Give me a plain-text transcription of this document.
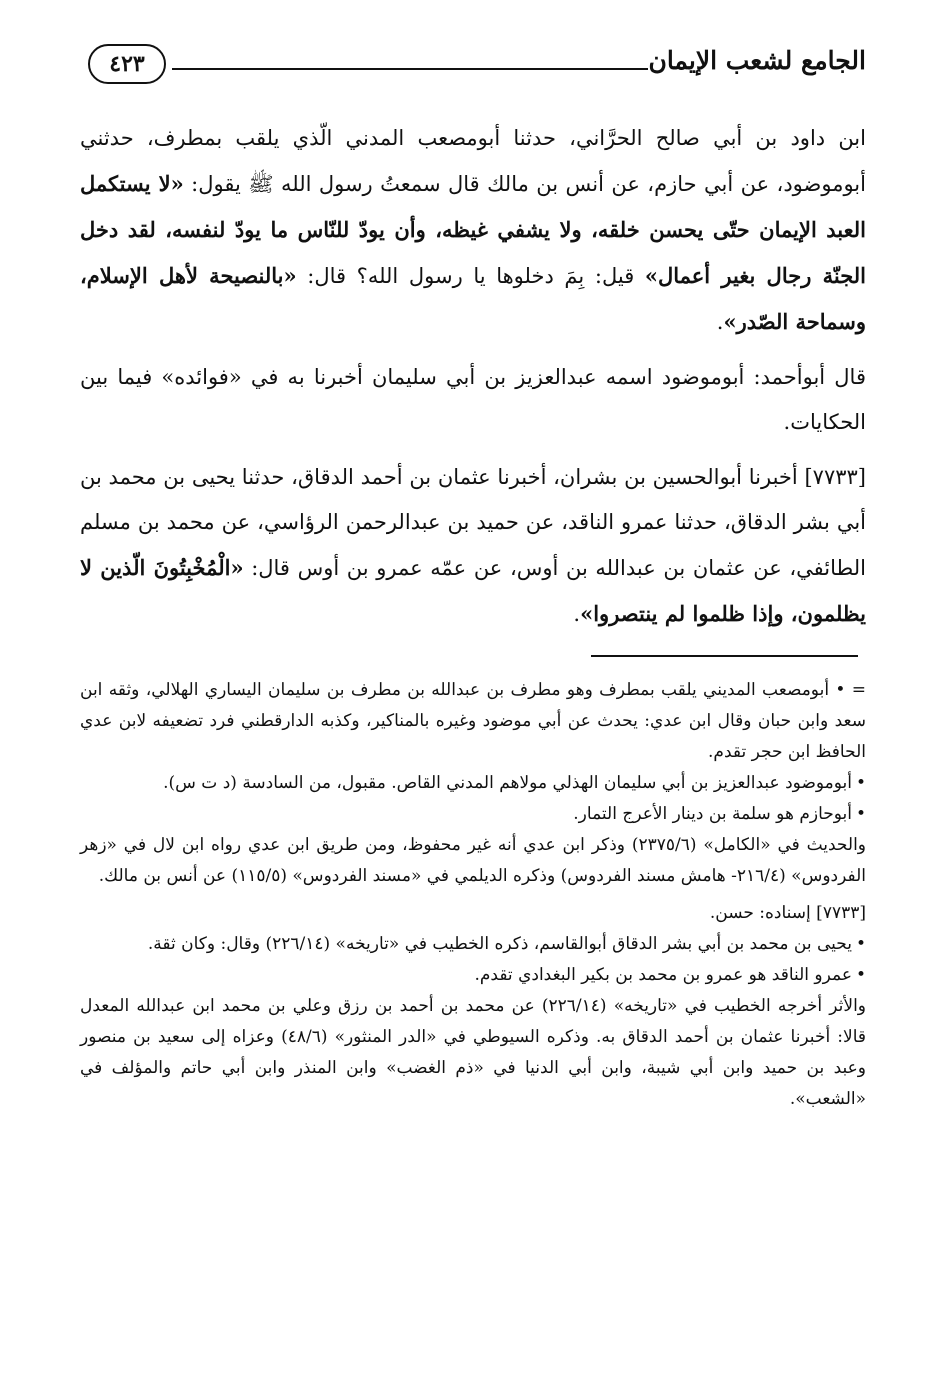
الجامع لشعب الإيمان
٤٢٣

ابن داود بن أبي صالح الحرَّاني، حدثنا أبومصعب المدني الّذي يلقب بمطرف، حدثني أبوموضود، عن أبي حازم، عن أنس بن مالك قال سمعتُ رسول الله ﷺ يقول: «لا يستكمل العبد الإيمان حتّى يحسن خلقه، ولا يشفي غيظه، وأن يودّ للنّاس ما يودّ لنفسه، لقد دخل الجنّة رجال بغير أعمال» قيل: بِمَ دخلوها يا رسول الله؟ قال: «بالنصيحة لأهل الإسلام، وسماحة الصّدر».

قال أبوأحمد: أبوموضود اسمه عبدالعزيز بن أبي سليمان أخبرنا به في «فوائده» فيما بين الحكايات.

[٧٧٣٣] أخبرنا أبوالحسين بن بشران، أخبرنا عثمان بن أحمد الدقاق، حدثنا يحيى بن محمد بن أبي بشر الدقاق، حدثنا عمرو الناقد، عن حميد بن عبدالرحمن الرؤاسي، عن محمد بن مسلم الطائفي، عن عثمان بن عبدالله بن أوس، عن عمّه عمرو بن أوس قال: «الْمُخْبِتُونَ الّذين لا يظلمون، وإذا ظلموا لم ينتصروا».

= • أبومصعب المديني يلقب بمطرف وهو مطرف بن عبدالله بن مطرف بن سليمان اليساري الهلالي، وثقه ابن سعد وابن حبان وقال ابن عدي: يحدث عن أبي موضود وغيره بالمناكير، وكذبه الدارقطني فرد تضعيفه لابن عدي الحافظ ابن حجر تقدم.

• أبوموضود عبدالعزيز بن أبي سليمان الهذلي مولاهم المدني القاص. مقبول، من السادسة (د ت س).

• أبوحازم هو سلمة بن دينار الأعرج التمار.

والحديث في «الكامل» (٢٣٧٥/٦) وذكر ابن عدي أنه غير محفوظ، ومن طريق ابن عدي رواه ابن لال في «زهر الفردوس» (٢١٦/٤- هامش مسند الفردوس) وذكره الديلمي في «مسند الفردوس» (١١٥/٥) عن أنس بن مالك.

[٧٧٣٣] إسناده: حسن.

• يحيى بن محمد بن أبي بشر الدقاق أبوالقاسم، ذكره الخطيب في «تاريخه» (٢٢٦/١٤) وقال: وكان ثقة.

• عمرو الناقد هو عمرو بن محمد بن بكير البغدادي تقدم.

والأثر أخرجه الخطيب في «تاريخه» (٢٢٦/١٤) عن محمد بن أحمد بن رزق وعلي بن محمد ابن عبدالله المعدل قالا: أخبرنا عثمان بن أحمد الدقاق به. وذكره السيوطي في «الدر المنثور» (٤٨/٦) وعزاه إلى سعيد بن منصور وعبد بن حميد وابن أبي شيبة، وابن أبي الدنيا في «ذم الغضب» وابن المنذر وابن أبي حاتم والمؤلف في «الشعب».
